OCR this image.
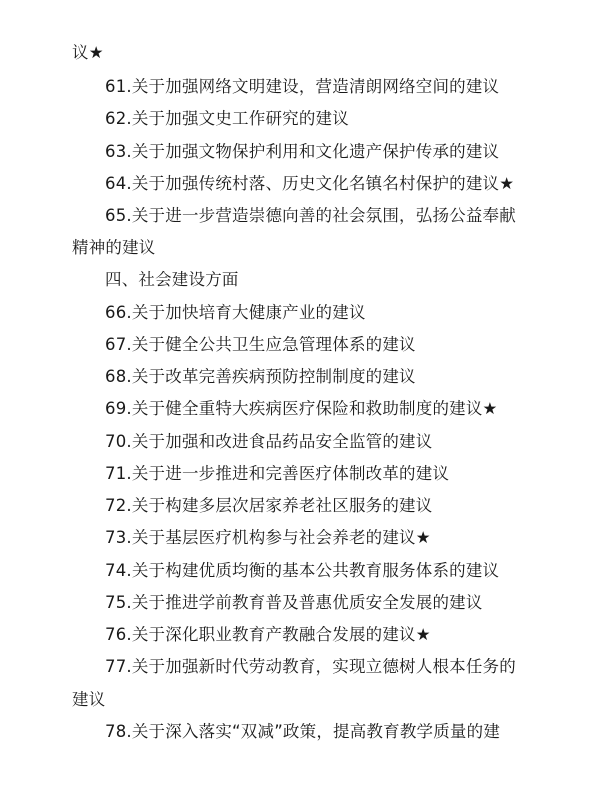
议★
61.关于加强网络文明建设，营造清朗网络空间的建议
62.关于加强文史工作研究的建议
63.关于加强文物保护利用和文化遗产保护传承的建议
64.关于加强传统村落、历史文化名镇名村保护的建议★
65.关于进一步营造崇德向善的社会氛围，弘扬公益奉献
精神的建议
四、社会建设方面
66.关于加快培育大健康产业的建议
67.关于健全公共卫生应急管理体系的建议
68.关于改革完善疾病预防控制制度的建议
69.关于健全重特大疾病医疗保险和救助制度的建议★
70.关于加强和改进食品药品安全监管的建议
71.关于进一步推进和完善医疗体制改革的建议
72.关于构建多层次居家养老社区服务的建议
73.关于基层医疗机构参与社会养老的建议★
74.关于构建优质均衡的基本公共教育服务体系的建议
75.关于推进学前教育普及普惠优质安全发展的建议
76.关于深化职业教育产教融合发展的建议★
77.关于加强新时代劳动教育，实现立德树人根本任务的
建议
78.关于深入落实“双减”政策，提高教育教学质量的建
